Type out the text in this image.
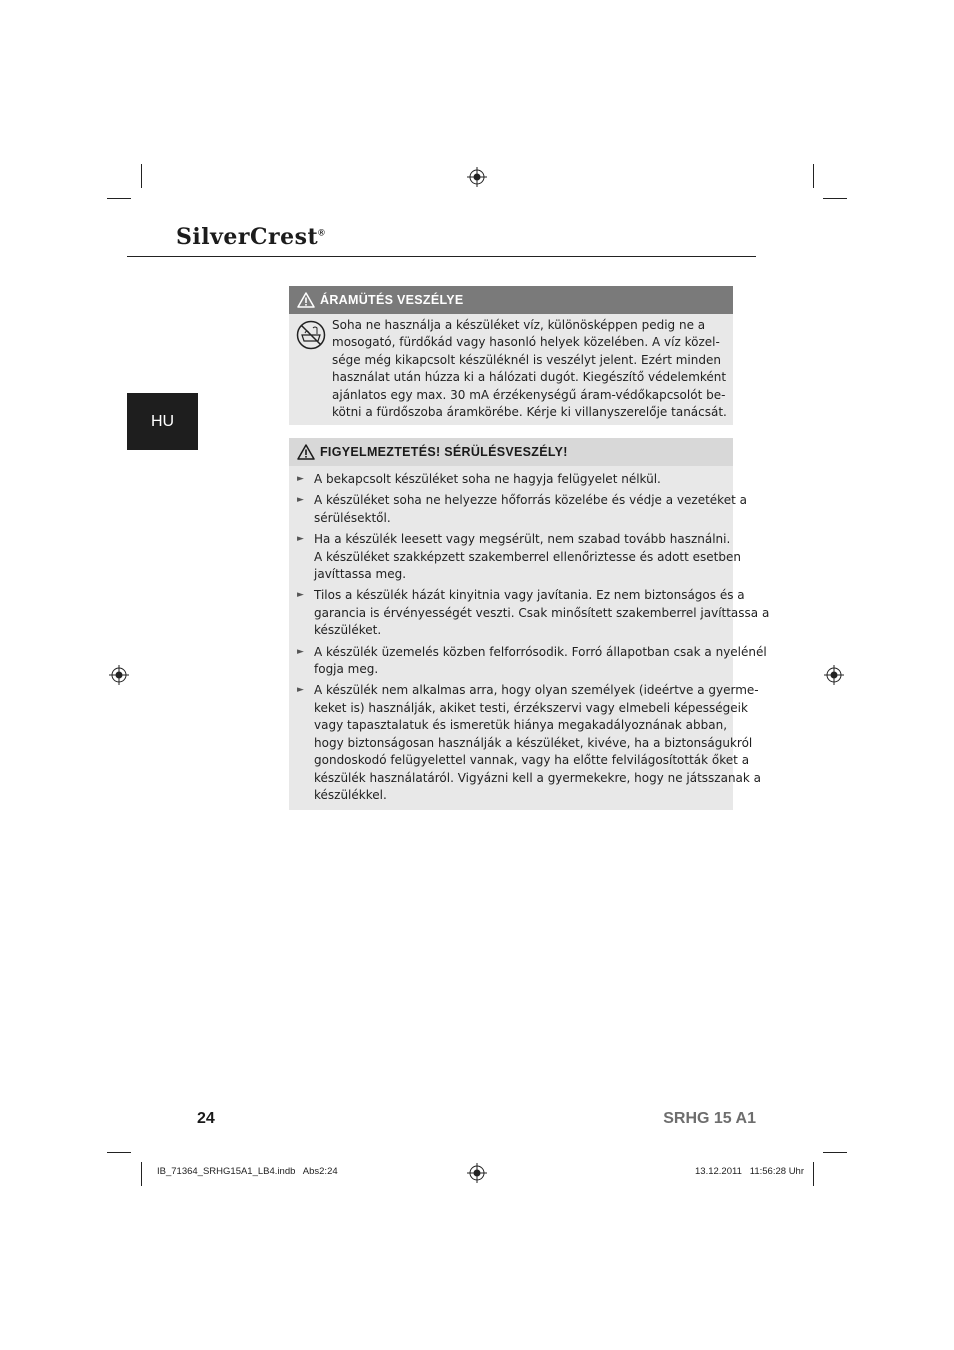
SilverCrest®
HU
ÁRAMÜTÉS VESZÉLYE
Soha ne használja a készüléket víz, különösképpen pedig ne a
mosogató, fürdőkád vagy hasonló helyek közelében. A víz közel-
sége még kikapcsolt készüléknél is veszélyt jelent. Ezért minden
használat után húzza ki a hálózati dugót. Kiegészítő védelemként
ajánlatos egy max. 30 mA érzékenységű áram-védőkapcsolót be-
kötni a fürdőszoba áramkörébe. Kérje ki villanyszerelője tanácsát.
FIGYELMEZTETÉS! SÉRÜLÉSVESZÉLY!
► A bekapcsolt készüléket soha ne hagyja felügyelet nélkül.
► A készüléket soha ne helyezze hőforrás közelébe és védje a vezetéket a
sérülésektől.
► Ha a készülék leesett vagy megsérült, nem szabad tovább használni.
A készüléket szakképzett szakemberrel ellenőriztesse és adott esetben
javíttassa meg.
► Tilos a készülék házát kinyitnia vagy javítania. Ez nem biztonságos és a
garancia is érvényességét veszti. Csak minősített szakemberrel javíttassa a
készüléket.
► A készülék üzemelés közben felforrósodik. Forró állapotban csak a nyelénél
fogja meg.
► A készülék nem alkalmas arra, hogy olyan személyek (ideértve a gyerme-
keket is) használják, akiket testi, érzékszervi vagy elmebeli képességeik
vagy tapasztalatuk és ismeretük hiánya megakadályoznának abban,
hogy biztonságosan használják a készüléket, kivéve, ha a biztonságukról
gondoskodó felügyelettel vannak, vagy ha előtte felvilágosították őket a
készülék használatáról. Vigyázni kell a gyermekekre, hogy ne játsszanak a
készülékkel.
24	SRHG 15 A1
IB_71364_SRHG15A1_LB4.indb   Abs2:24	13.12.2011   11:56:28 Uhr
